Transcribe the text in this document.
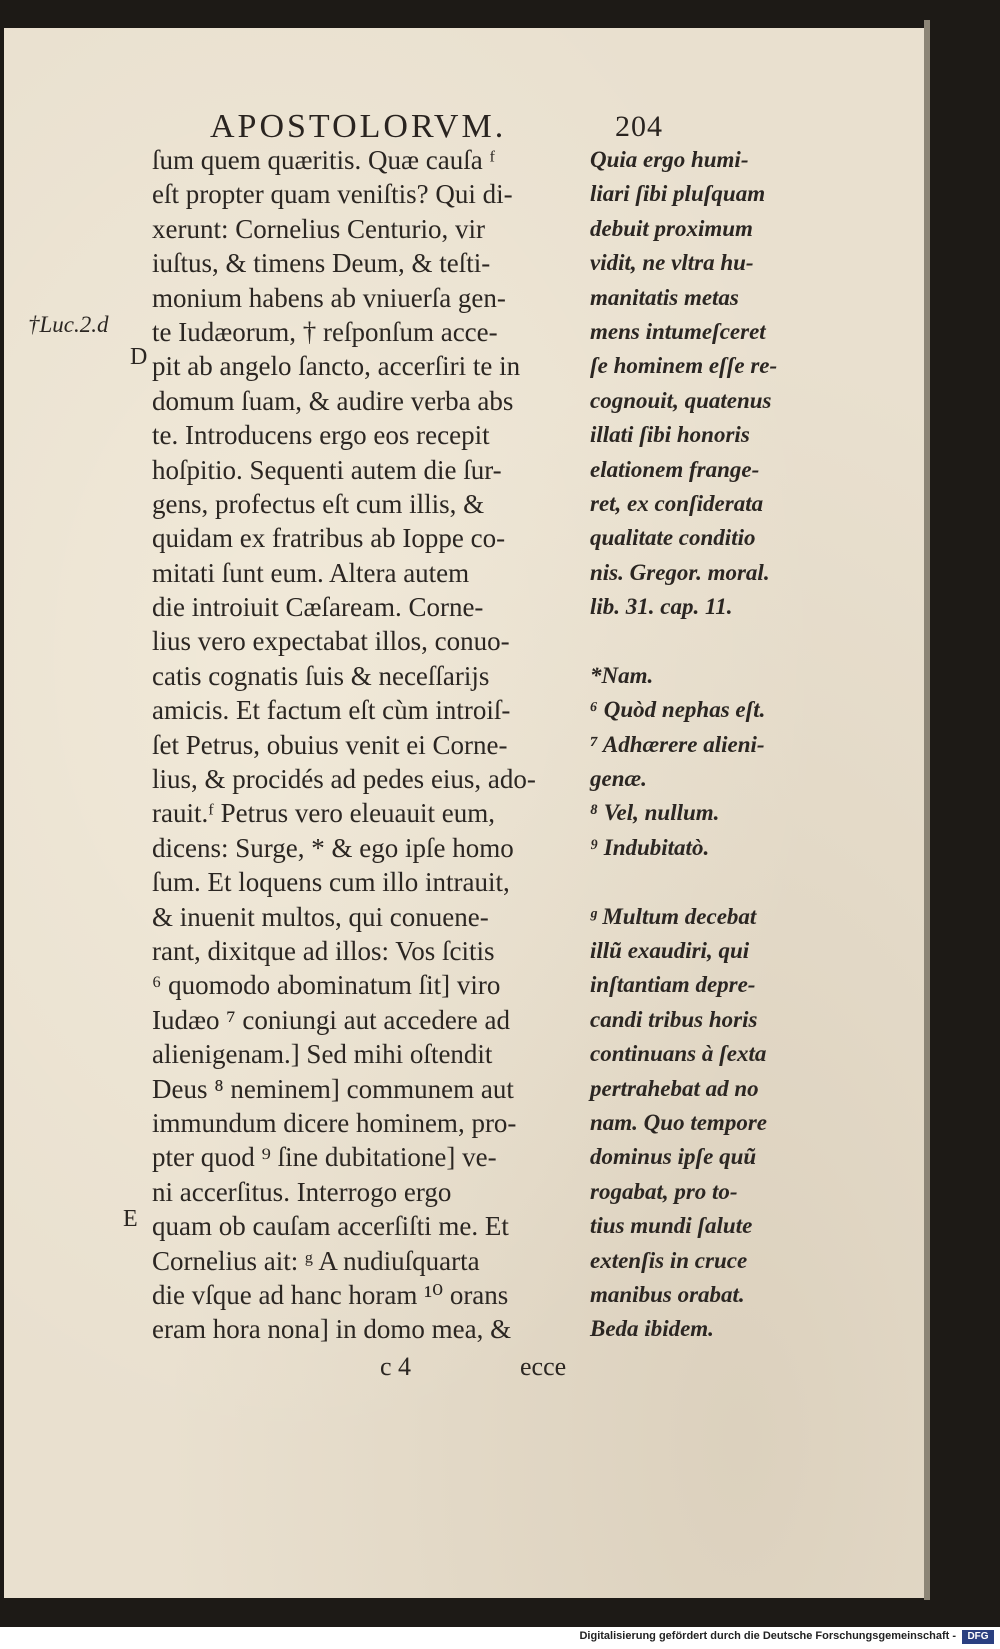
APOSTOLORVM.	204
†Luc.2.d
D
E
ſum quem quæritis. Quæ cauſa ᶠ
eſt propter quam veniſtis? Qui di-
xerunt: Cornelius Centurio, vir
iuſtus, & timens Deum, & teſti-
monium habens ab vniuerſa gen-
te Iudæorum, † reſponſum acce-
pit ab angelo ſancto, accerſiri te in
domum ſuam, & audire verba abs
te. Introducens ergo eos recepit
hoſpitio. Sequenti autem die ſur-
gens, profectus eſt cum illis, &
quidam ex fratribus ab Ioppe co-
mitati ſunt eum. Altera autem
die introiuit Cæſaream. Corne-
lius vero expectabat illos, conuo-
catis cognatis ſuis & neceſſarijs
amicis. Et factum eſt cùm introiſ-
ſet Petrus, obuius venit ei Corne-
lius, & procidés ad pedes eius, ado-
rauit.ᶠ Petrus vero eleuauit eum,
dicens: Surge, * & ego ipſe homo
ſum. Et loquens cum illo intrauit,
& inuenit multos, qui conuene-
rant, dixitque ad illos: Vos ſcitis
⁶ quomodo abominatum ſit] viro
Iudæo ⁷ coniungi aut accedere ad
alienigenam.] Sed mihi oſtendit
Deus ⁸ neminem] communem aut
immundum dicere hominem, pro-
pter quod ⁹ ſine dubitatione] ve-
ni accerſitus. Interrogo ergo
quam ob cauſam accerſiſti me. Et
Cornelius ait: ᵍ A nudiuſquarta
die vſque ad hanc horam ¹⁰ orans
eram hora nona] in domo mea, &
Quia ergo humi-
liari ſibi pluſquam
debuit proximum
vidit, ne vltra hu-
manitatis metas
mens intumeſceret
ſe hominem eſſe re-
cognouit, quatenus
illati ſibi honoris
elationem frange-
ret, ex conſiderata
qualitate conditio
nis. Gregor. moral.
lib. 31. cap. 11.
*Nam.
⁶ Quòd nephas eſt.
⁷ Adhærere alieni-
genæ.
⁸ Vel, nullum.
⁹ Indubitatò.
ᵍ Multum decebat
illũ exaudiri, qui
inſtantiam depre-
candi tribus horis
continuans à ſexta
pertrahebat ad no
nam. Quo tempore
dominus ipſe quũ
rogabat, pro to-
tius mundi ſalute
extenſis in cruce
manibus orabat.
Beda ibidem.
c 4	ecce
Digitalisierung gefördert durch die Deutsche Forschungsgemeinschaft -	DFG
